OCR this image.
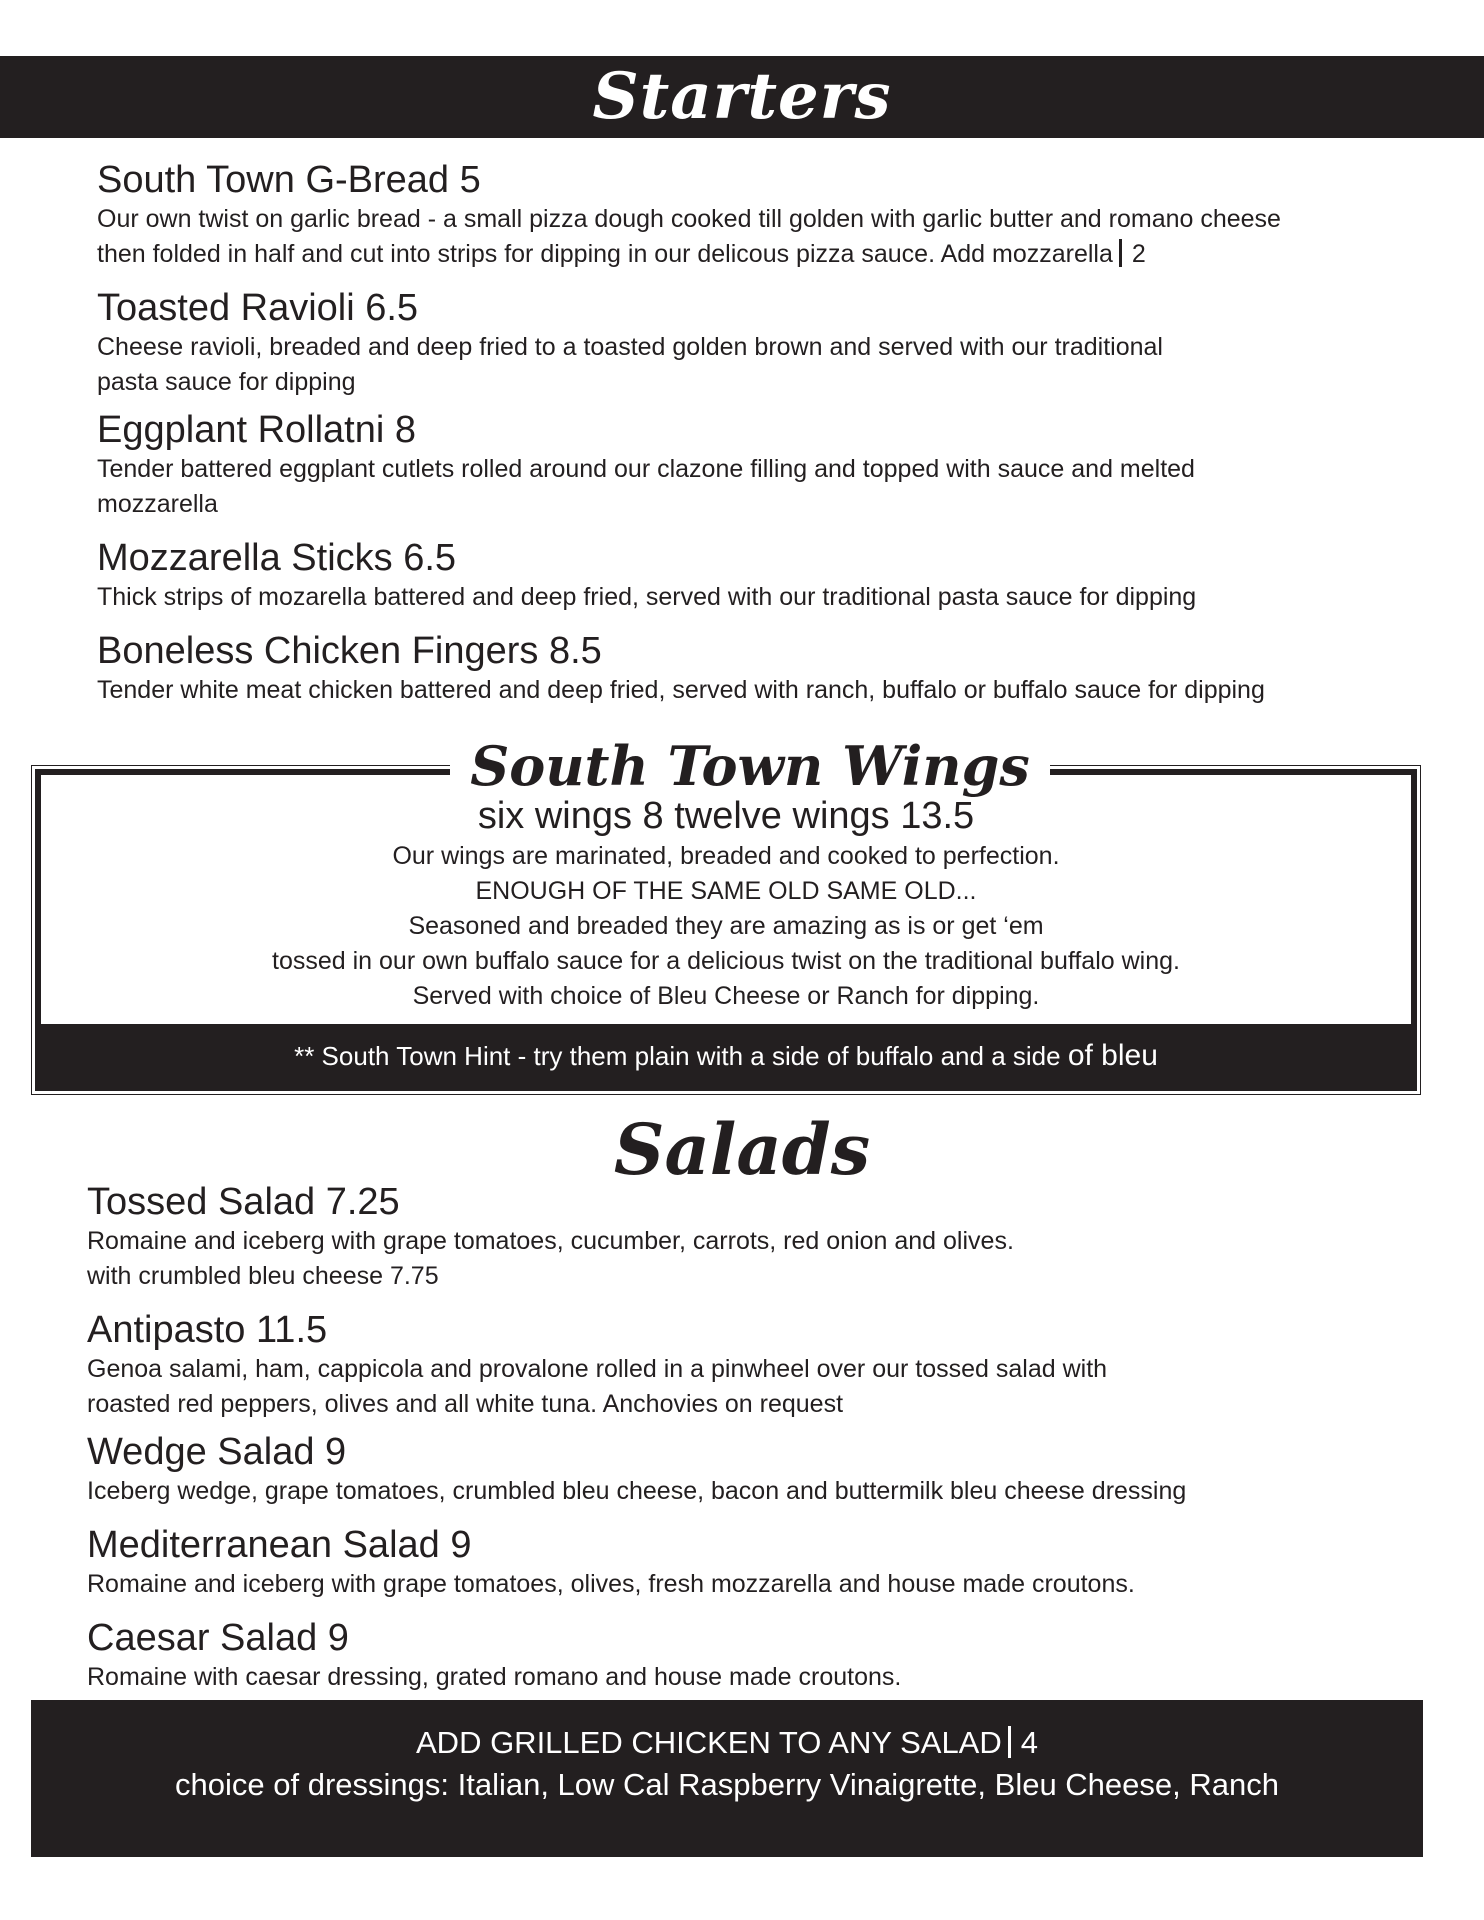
Starters

South Town G-Bread 5

Our own twist on garlic bread - a small pizza dough cooked till golden with garlic butter and romano cheese
then folded in half and cut into strips for dipping in our delicous pizza sauce. Add mozzarella 2

Toasted Ravioli 6.5

Cheese ravioli, breaded and deep fried to a toasted golden brown and served with our traditional
pasta sauce for dipping

Eggplant Rollatni 8

Tender battered eggplant cutlets rolled around our clazone filling and topped with sauce and melted
mozzarella

Mozzarella Sticks 6.5

Thick strips of mozarella battered and deep fried, served with our traditional pasta sauce for dipping

Boneless Chicken Fingers 8.5

Tender white meat chicken battered and deep fried, served with ranch, buffalo or buffalo sauce for dipping

South Town Wings

six wings 8 twelve wings 13.5

Our wings are marinated, breaded and cooked to perfection.

ENOUGH OF THE SAME OLD SAME OLD...

Seasoned and breaded they are amazing as is or get ‘em

tossed in our own buffalo sauce for a delicious twist on the traditional buffalo wing.

Served with choice of Bleu Cheese or Ranch for dipping.

** South Town Hint - try them plain with a side of buffalo and a side of bleu
Salads

Tossed Salad 7.25

Romaine and iceberg with grape tomatoes, cucumber, carrots, red onion and olives.
with crumbled bleu cheese 7.75

Antipasto 11.5

Genoa salami, ham, cappicola and provalone rolled in a pinwheel over our tossed salad with
roasted red peppers, olives and all white tuna. Anchovies on request

Wedge Salad 9

Iceberg wedge, grape tomatoes, crumbled bleu cheese, bacon and buttermilk bleu cheese dressing

Mediterranean Salad 9

Romaine and iceberg with grape tomatoes, olives, fresh mozzarella and house made croutons.

Caesar Salad 9

Romaine with caesar dressing, grated romano and house made croutons.

ADD GRILLED CHICKEN TO ANY SALAD 4

choice of dressings: Italian, Low Cal Raspberry Vinaigrette, Bleu Cheese, Ranch
